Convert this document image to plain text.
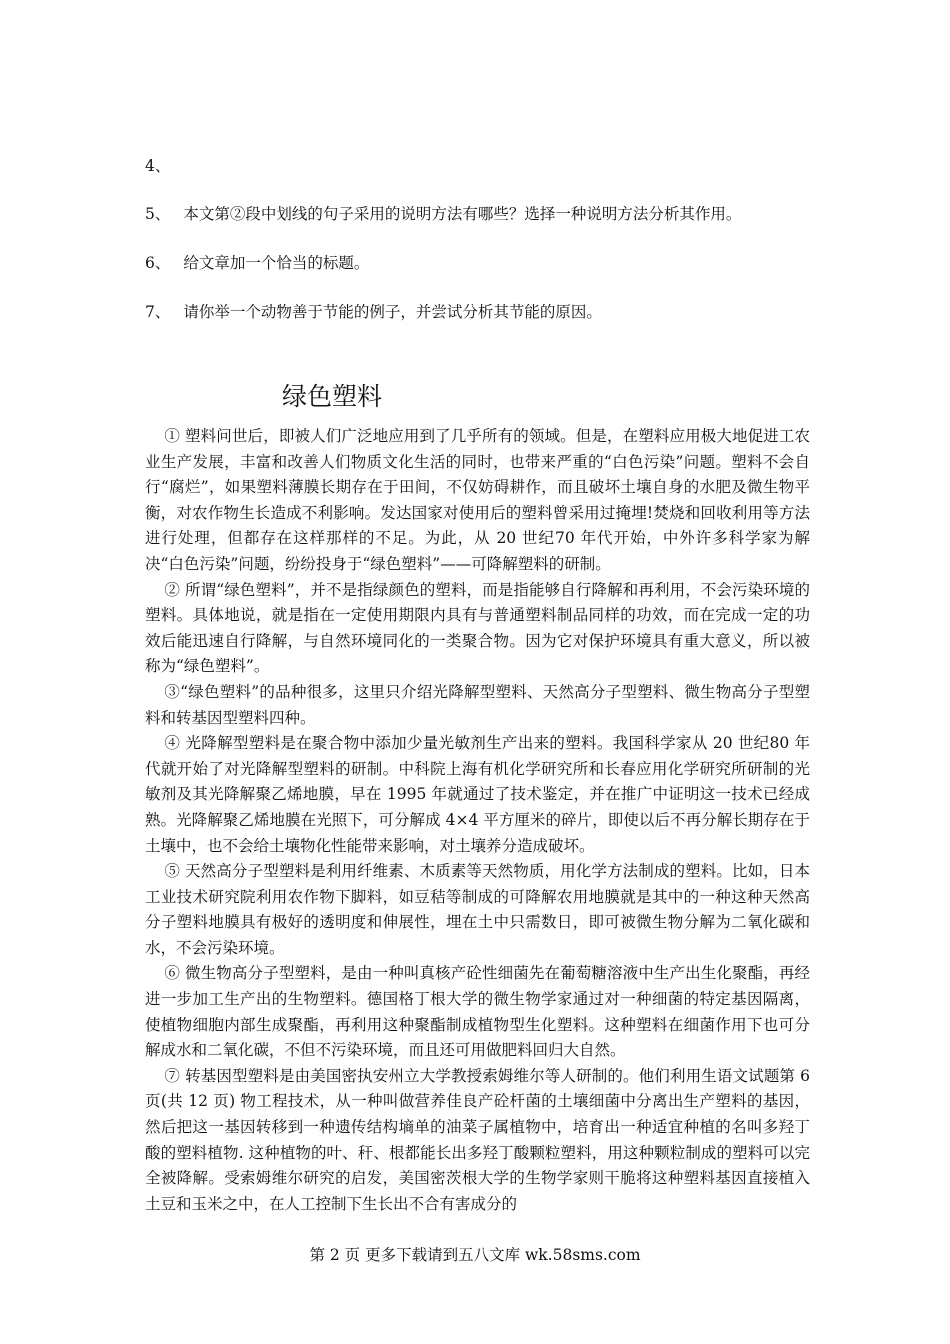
4、
5、 本文第②段中划线的句子采用的说明方法有哪些？选择一种说明方法分析其作用。
6、 给文章加一个恰当的标题。
7、 请你举一个动物善于节能的例子，并尝试分析其节能的原因。
绿色塑料

① 塑料问世后，即被人们广泛地应用到了几乎所有的领域。但是，在塑料应用极大地促进工农业生产发展，丰富和改善人们物质文化生活的同时，也带来严重的“白色污染”问题。塑料不会自行“腐烂”，如果塑料薄膜长期存在于田间，不仅妨碍耕作，而且破坏土壤自身的水肥及微生物平衡，对农作物生长造成不利影响。发达国家对使用后的塑料曾采用过掩埋!焚烧和回收利用等方法进行处理，但都存在这样那样的不足。为此，从 20 世纪70 年代开始，中外许多科学家为解决“白色污染”问题，纷纷投身于“绿色塑料”——可降解塑料的研制。

② 所谓“绿色塑料”，并不是指绿颜色的塑料，而是指能够自行降解和再利用，不会污染环境的塑料。具体地说，就是指在一定使用期限内具有与普通塑料制品同样的功效，而在完成一定的功效后能迅速自行降解，与自然环境同化的一类聚合物。因为它对保护环境具有重大意义，所以被称为“绿色塑料”。

③“绿色塑料”的品种很多，这里只介绍光降解型塑料、天然高分子型塑料、微生物高分子型塑料和转基因型塑料四种。

④ 光降解型塑料是在聚合物中添加少量光敏剂生产出来的塑料。我国科学家从 20 世纪80 年代就开始了对光降解型塑料的研制。中科院上海有机化学研究所和长春应用化学研究所研制的光敏剂及其光降解聚乙烯地膜，早在 1995 年就通过了技术鉴定，并在推广中证明这一技术已经成熟。光降解聚乙烯地膜在光照下，可分解成 4×4 平方厘米的碎片，即使以后不再分解长期存在于土壤中，也不会给土壤物化性能带来影响，对土壤养分造成破坏。

⑤ 天然高分子型塑料是利用纤维素、木质素等天然物质，用化学方法制成的塑料。比如，日本工业技术研究院利用农作物下脚料，如豆秸等制成的可降解农用地膜就是其中的一种这种天然高分子塑料地膜具有极好的透明度和伸展性，埋在土中只需数日，即可被微生物分解为二氧化碳和水，不会污染环境。

⑥ 微生物高分子型塑料，是由一种叫真核产砼性细菌先在葡萄糖溶液中生产出生化聚酯，再经进一步加工生产出的生物塑料。德国格丁根大学的微生物学家通过对一种细菌的特定基因隔离，使植物细胞内部生成聚酯，再利用这种聚酯制成植物型生化塑料。这种塑料在细菌作用下也可分解成水和二氧化碳，不但不污染环境，而且还可用做肥料回归大自然。

⑦ 转基因型塑料是由美国密执安州立大学教授索姆维尔等人研制的。他们利用生语文试题第 6 页(共 12 页) 物工程技术，从一种叫做营养佳良产砼杆菌的土壤细菌中分离出生产塑料的基因，然后把这一基因转移到一种遗传结构墒单的油菜子属植物中，培育出一种适宜种植的名叫多羟丁酸的塑料植物. 这种植物的叶、秆、根都能长出多羟丁酸颗粒塑料，用这种颗粒制成的塑料可以完全被降解。受索姆维尔研究的启发，美国密茨根大学的生物学家则干脆将这种塑料基因直接植入土豆和玉米之中，在人工控制下生长出不合有害成分的

第 2 页 更多下载请到五八文库 wk.58sms.com
